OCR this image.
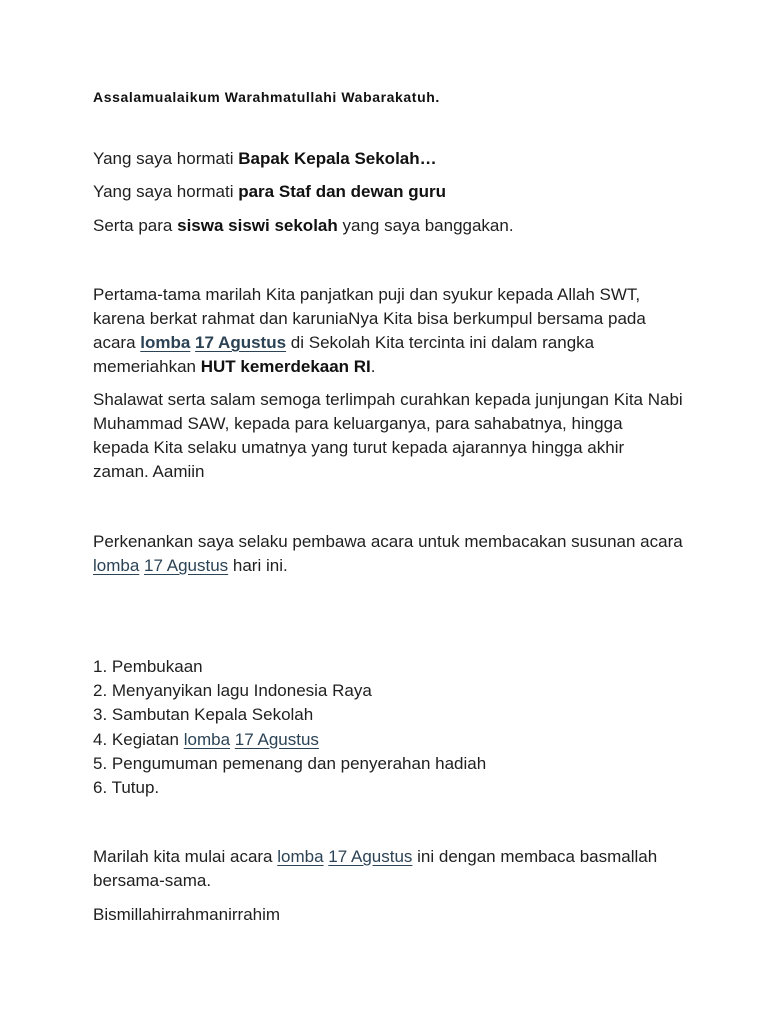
Assalamualaikum Warahmatullahi Wabarakatuh.

Yang saya hormati Bapak Kepala Sekolah…

Yang saya hormati para Staf dan dewan guru

Serta para siswa siswi sekolah yang saya banggakan.

Pertama-tama marilah Kita panjatkan puji dan syukur kepada Allah SWT, karena berkat rahmat dan karuniaNya Kita bisa berkumpul bersama pada acara lomba 17 Agustus di Sekolah Kita tercinta ini dalam rangka memeriahkan HUT kemerdekaan RI.

Shalawat serta salam semoga terlimpah curahkan kepada junjungan Kita Nabi Muhammad SAW, kepada para keluarganya, para sahabatnya, hingga kepada Kita selaku umatnya yang turut kepada ajarannya hingga akhir zaman. Aamiin

Perkenankan saya selaku pembawa acara untuk membacakan susunan acara lomba 17 Agustus hari ini.

1. Pembukaan
2. Menyanyikan lagu Indonesia Raya
3. Sambutan Kepala Sekolah
4. Kegiatan lomba 17 Agustus
5. Pengumuman pemenang dan penyerahan hadiah
6. Tutup.

Marilah kita mulai acara lomba 17 Agustus ini dengan membaca basmallah bersama-sama.

Bismillahirrahmanirrahim
